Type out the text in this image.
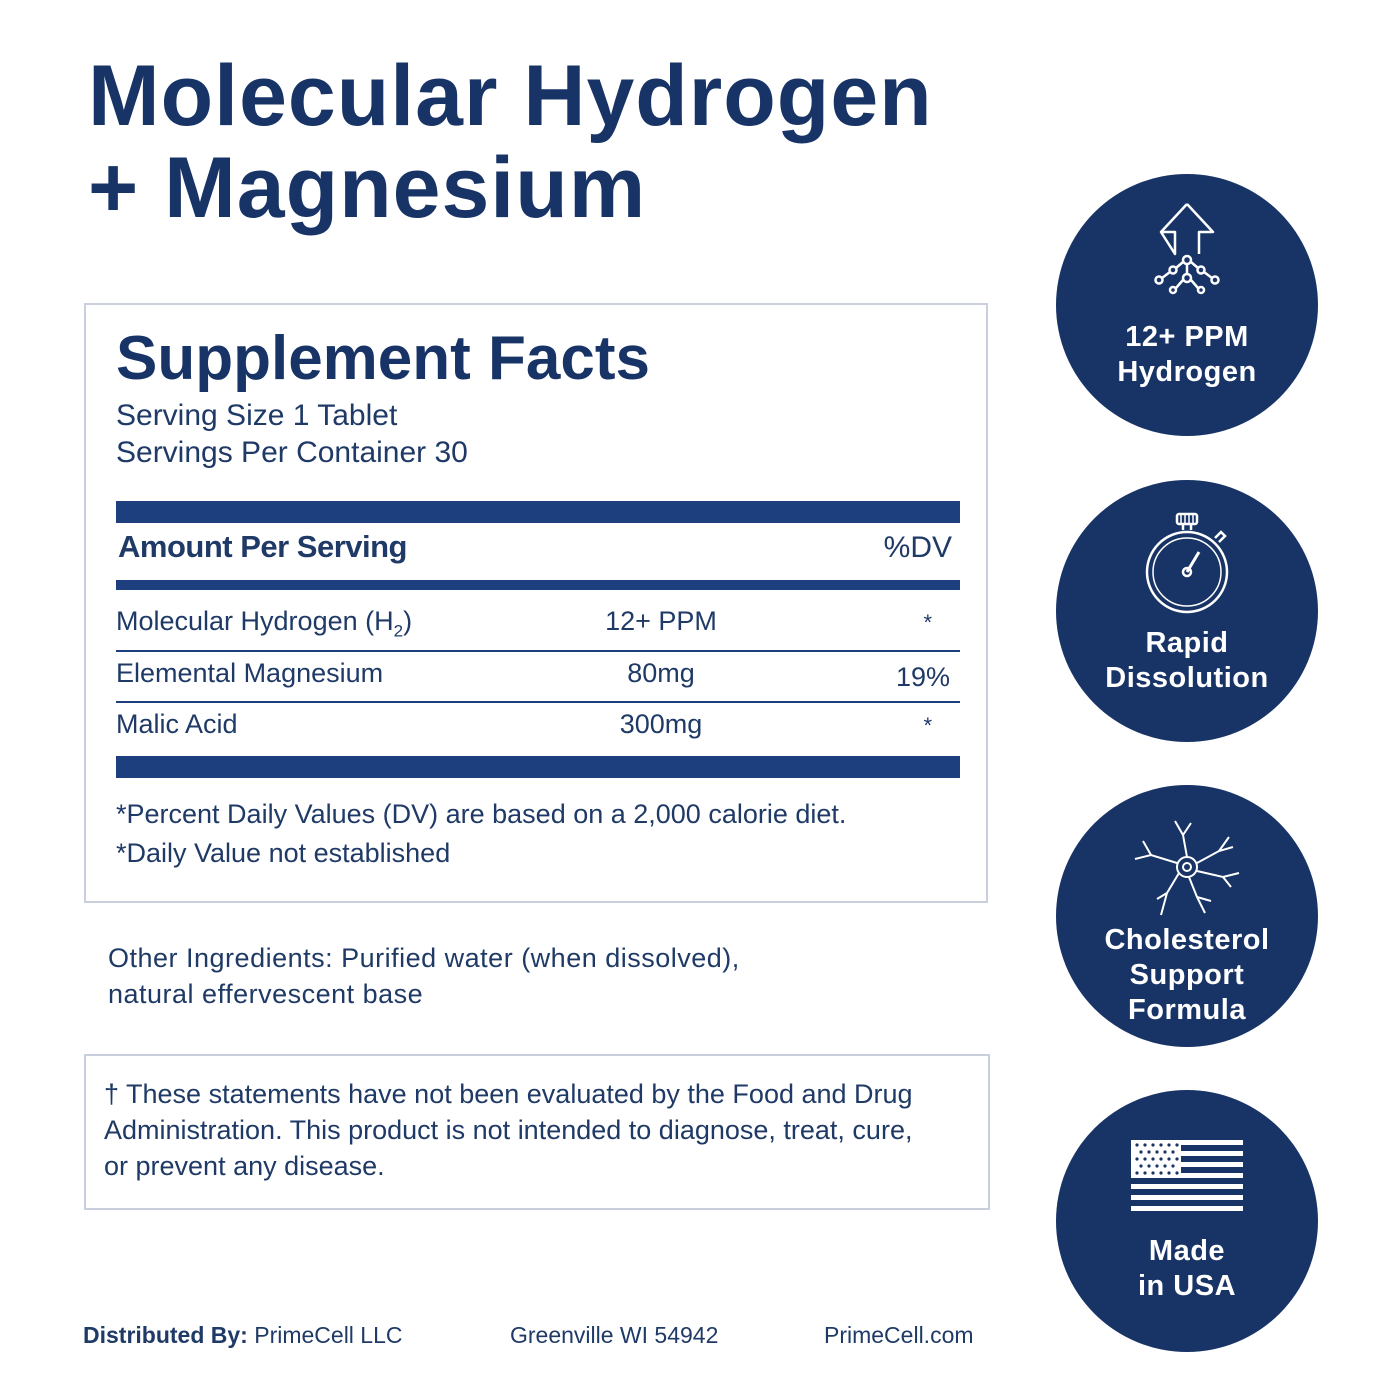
Molecular Hydrogen
+ Magnesium
Supplement Facts
Serving Size 1 Tablet
Servings Per Container 30
Amount Per Serving	%DV
Molecular Hydrogen $(H_2)$	12+ PPM	*
Elemental Magnesium	80mg	19%
Malic Acid	300mg	*
*Percent Daily Values (DV) are based on a 2,000 calorie diet.
*Daily Value not established
Other Ingredients: Purified water (when dissolved),
natural effervescent base
† These statements have not been evaluated by the Food and Drug
Administration. This product is not intended to diagnose, treat, cure,
or prevent any disease.
Distributed By: PrimeCell LLC	Greenville WI 54942	PrimeCell.com
12+ PPM
Hydrogen
Rapid
Dissolution
Cholesterol
Support
Formula
Made
in USA
